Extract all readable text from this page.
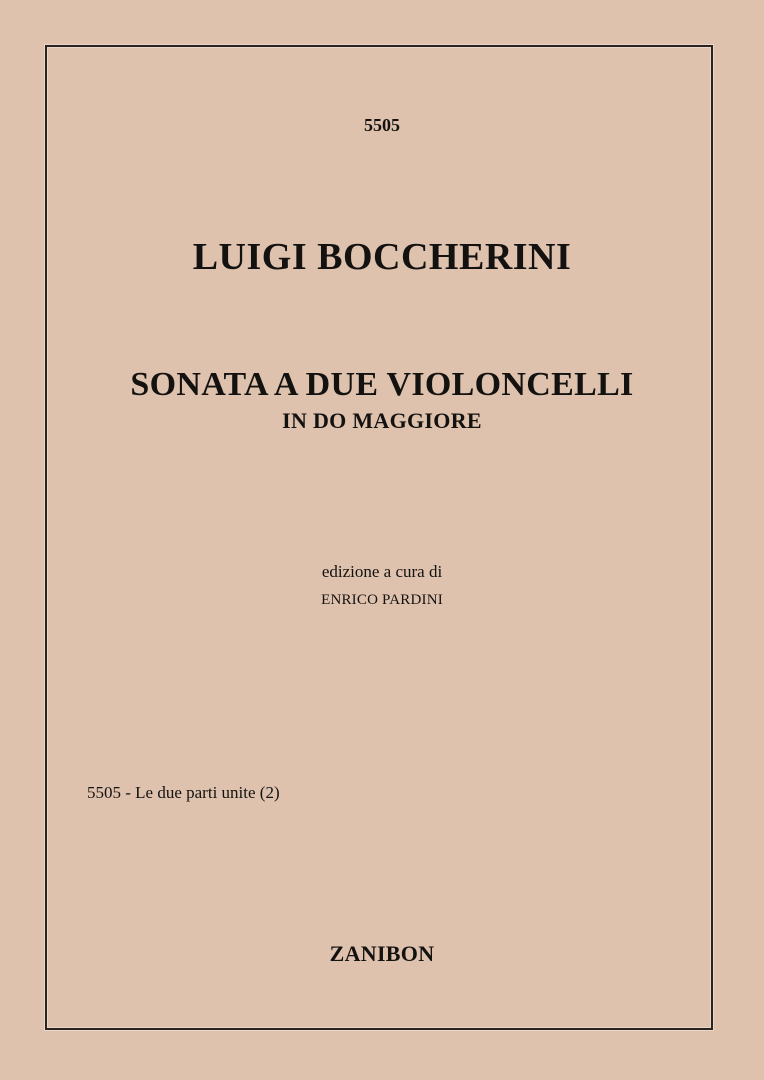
5505
LUIGI BOCCHERINI
SONATA A DUE VIOLONCELLI
IN DO MAGGIORE
edizione a cura di
ENRICO PARDINI
5505 - Le due parti unite (2)
ZANIBON
